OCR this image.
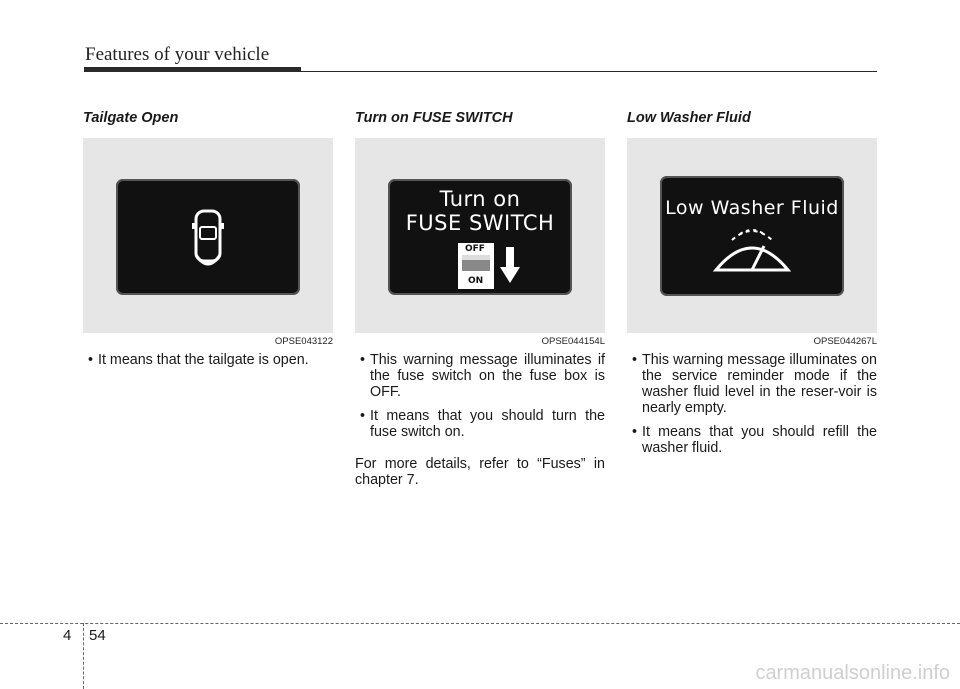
Features of your vehicle
Tailgate Open
OPSE043122
• It means that the tailgate is open.
Turn on FUSE SWITCH
Turn on
FUSE SWITCH
OFF
ON
OPSE044154L
• This warning message illuminates if the fuse switch on the fuse box is OFF.
• It means that you should turn the fuse switch on.

For more details, refer to “Fuses” in chapter 7.

Low Washer Fluid
Low Washer Fluid
OPSE044267L
• This warning message illuminates on the service reminder mode if the washer fluid level in the reser-voir is nearly empty.
• It means that you should refill the washer fluid.
4 54
carmanualsonline.info
